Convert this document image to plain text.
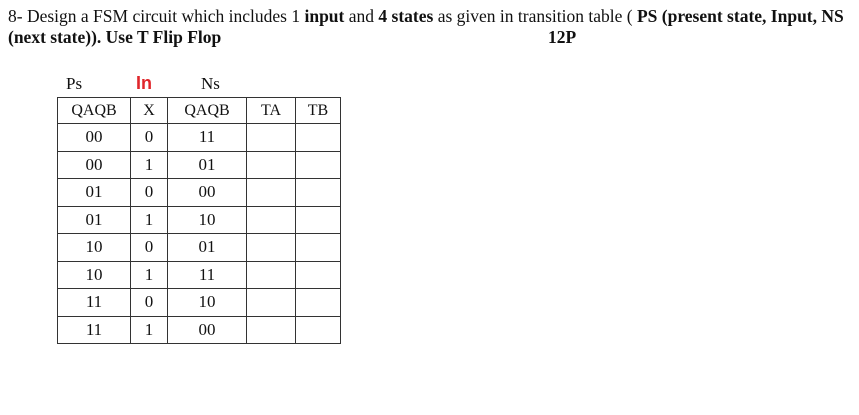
8- Design a FSM circuit which includes 1 input and 4 states as given in transition table ( PS (present state, Input, NS (next state)). Use T Flip Flop	12P
Ps	In	Ns
QAQB	X	QAQB	TA	TB
00	0	11		
00	1	01		
01	0	00		
01	1	10		
10	0	01		
10	1	11		
11	0	10		
11	1	00		
